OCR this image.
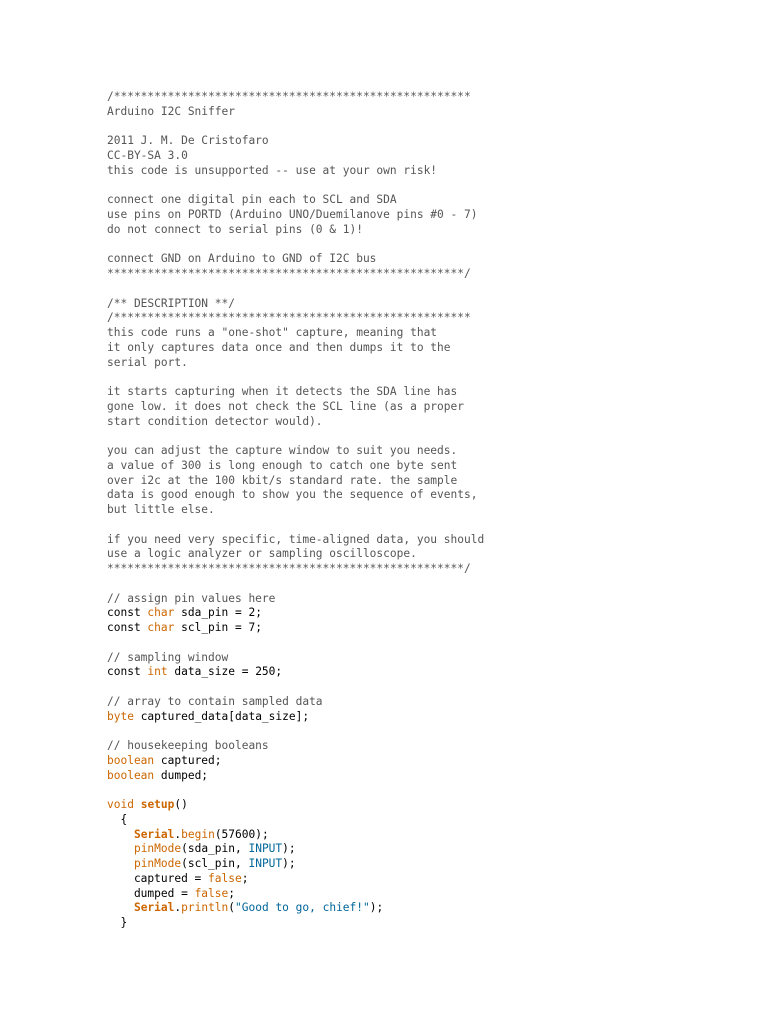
/*****************************************************
Arduino I2C Sniffer
2011 J. M. De Cristofaro
CC-BY-SA 3.0
this code is unsupported -- use at your own risk!
connect one digital pin each to SCL and SDA
use pins on PORTD (Arduino UNO/Duemilanove pins #0 - 7)
do not connect to serial pins (0 & 1)!
connect GND on Arduino to GND of I2C bus
*****************************************************/
/** DESCRIPTION **/
/*****************************************************
this code runs a "one-shot" capture, meaning that
it only captures data once and then dumps it to the
serial port.
it starts capturing when it detects the SDA line has
gone low. it does not check the SCL line (as a proper
start condition detector would).
you can adjust the capture window to suit you needs.
a value of 300 is long enough to catch one byte sent
over i2c at the 100 kbit/s standard rate. the sample
data is good enough to show you the sequence of events,
but little else.
if you need very specific, time-aligned data, you should
use a logic analyzer or sampling oscilloscope.
*****************************************************/
// assign pin values here
const char sda_pin = 2;
const char scl_pin = 7;
// sampling window
const int data_size = 250;
// array to contain sampled data
byte captured_data[data_size];
// housekeeping booleans
boolean captured;
boolean dumped;
void setup()
{
Serial.begin(57600);
pinMode(sda_pin, INPUT);
pinMode(scl_pin, INPUT);
captured = false;
dumped = false;
Serial.println("Good to go, chief!");
}
